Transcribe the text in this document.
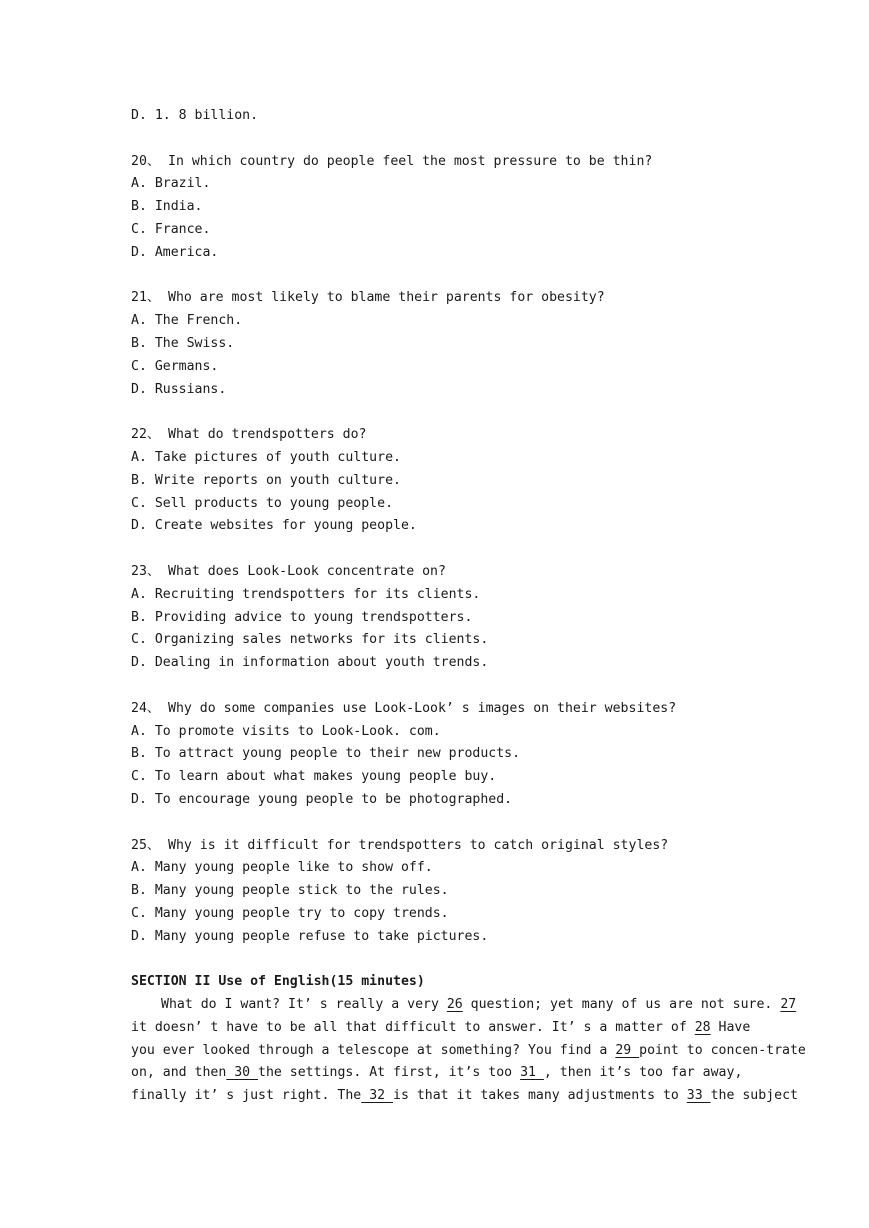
D. 1. 8 billion.
20、 In which country do people feel the most pressure to be thin?
A. Brazil.
B. India.
C. France.
D. America.
21、 Who are most likely to blame their parents for obesity?
A. The French.
B. The Swiss.
C. Germans.
D. Russians.
22、 What do trendspotters do?
A. Take pictures of youth culture.
B. Write reports on youth culture.
C. Sell products to young people.
D. Create websites for young people.
23、 What does Look-Look concentrate on?
A. Recruiting trendspotters for its clients.
B. Providing advice to young trendspotters.
C. Organizing sales networks for its clients.
D. Dealing in information about youth trends.
24、 Why do some companies use Look-Look’ s images on their websites?
A. To promote visits to Look-Look. com.
B. To attract young people to their new products.
C. To learn about what makes young people buy.
D. To encourage young people to be photographed.
25、 Why is it difficult for trendspotters to catch original styles?
A. Many young people like to show off.
B. Many young people stick to the rules.
C. Many young people try to copy trends.
D. Many young people refuse to take pictures.
SECTION II Use of English(15 minutes)
What do I want? It’ s really a very 26 question; yet many of us are not sure. 27
it doesn’ t have to be all that difficult to answer. It’ s a matter of 28 Have
you ever looked through a telescope at something? You find a 29 point to concen-trate
on, and then 30 the settings. At first, it’s too 31 , then it’s too far away,
finally it’ s just right. The 32 is that it takes many adjustments to 33 the subject
